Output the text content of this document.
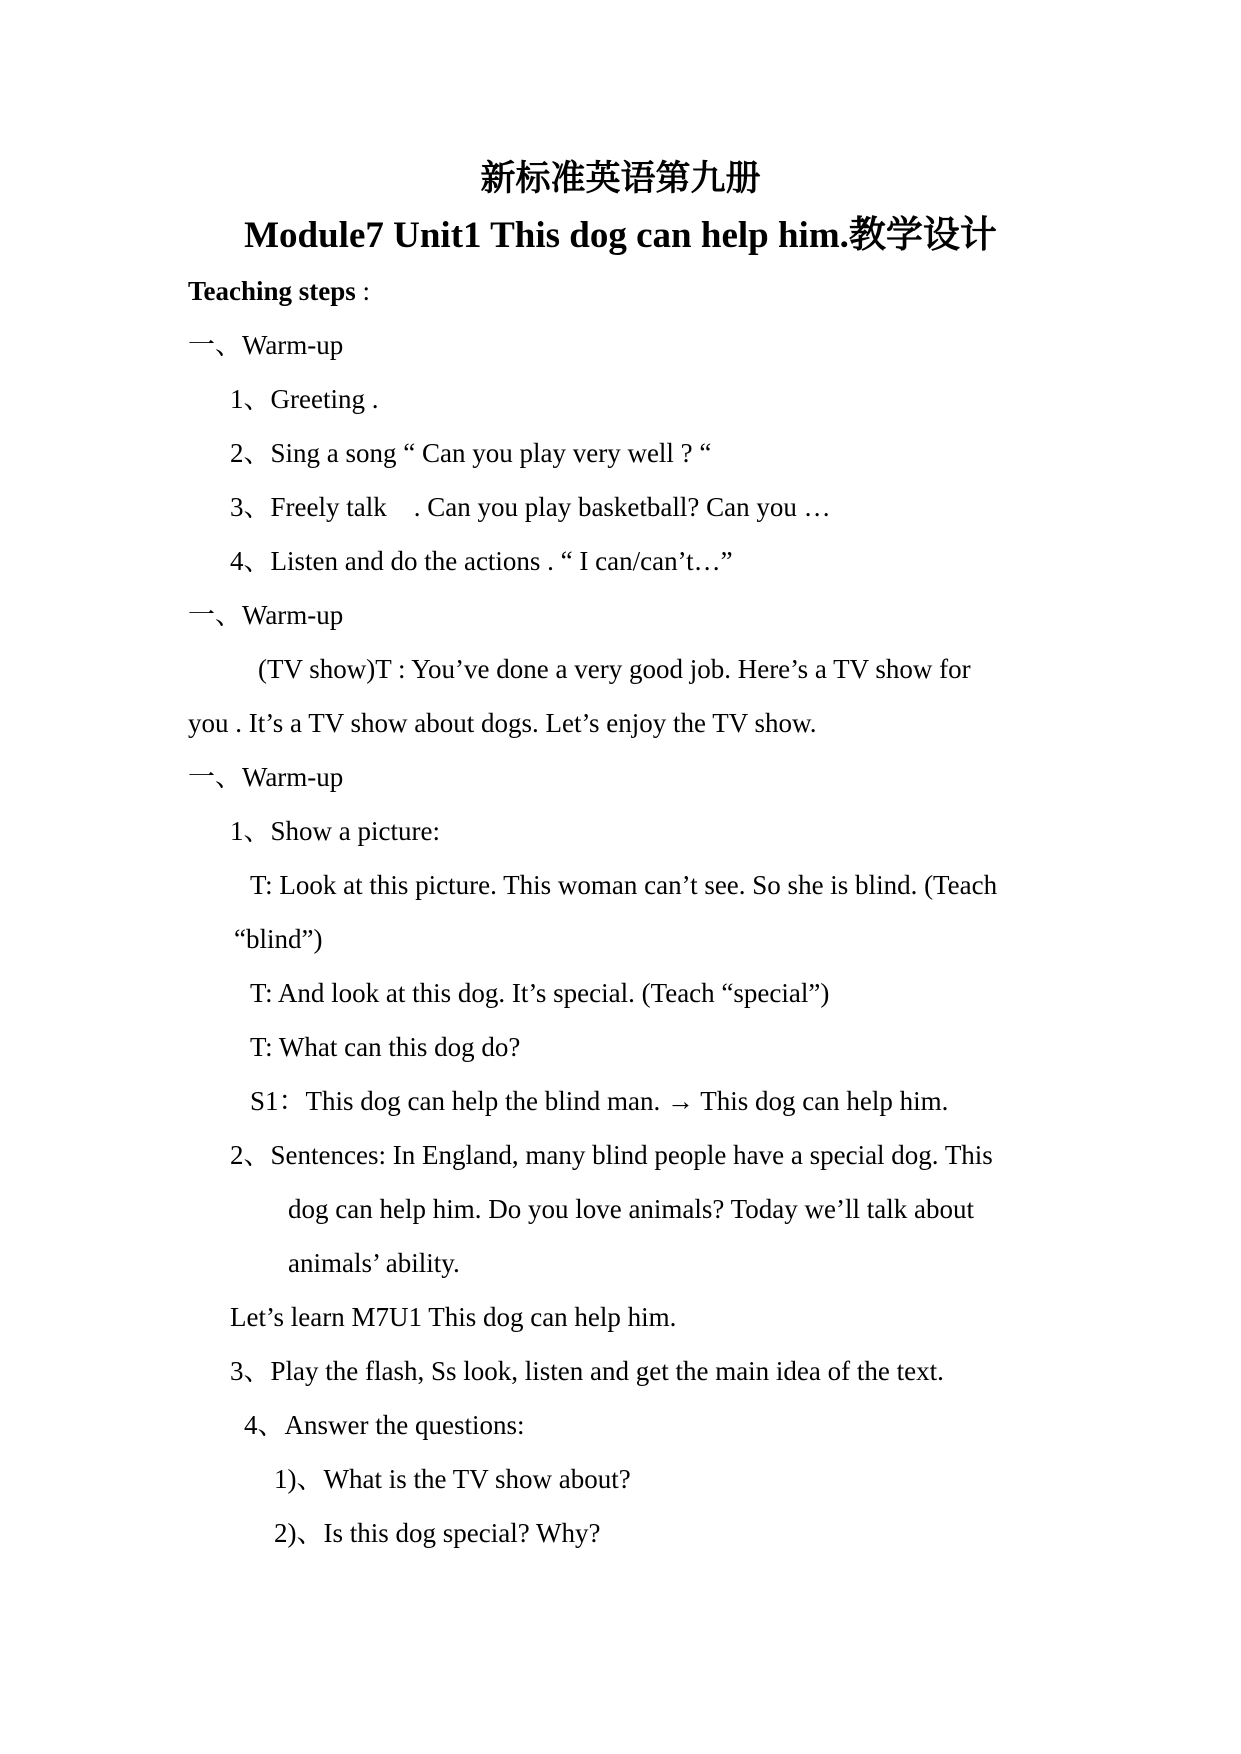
新标准英语第九册
Module7 Unit1 This dog can help him.教学设计
Teaching steps :
一、Warm-up
1、Greeting .
2、Sing a song “ Can you play very well ? “
3、Freely talk    . Can you play basketball? Can you …
4、Listen and do the actions . “ I can/can’t…”
一、Warm-up
(TV show)T : You’ve done a very good job. Here’s a TV show for
you . It’s a TV show about dogs. Let’s enjoy the TV show.
一、Warm-up
1、Show a picture:
T: Look at this picture. This woman can’t see. So she is blind. (Teach
“blind”)
T: And look at this dog. It’s special. (Teach “special”)
T: What can this dog do?
S1：This dog can help the blind man. → This dog can help him.
2、Sentences: In England, many blind people have a special dog. This
dog can help him. Do you love animals? Today we’ll talk about
animals’ ability.
Let’s learn M7U1 This dog can help him.
3、Play the flash, Ss look, listen and get the main idea of the text.
4、Answer the questions:
1)、What is the TV show about?
2)、Is this dog special? Why?
